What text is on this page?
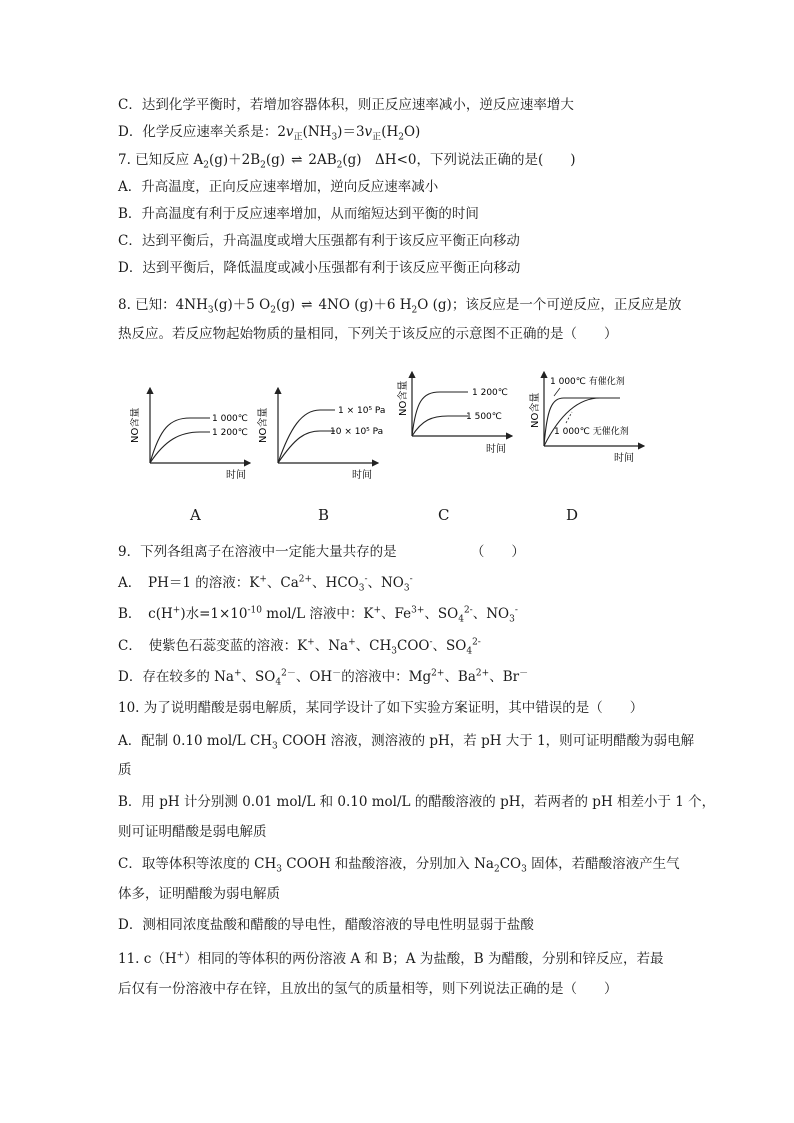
C．达到化学平衡时，若增加容器体积，则正反应速率减小，逆反应速率增大
D．化学反应速率关系是：$2v_正(NH_3)=3v_正(H_2O)$
7. 已知反应 $A_2(g)+2B_2(g)$ ⇌ $2AB_2(g)$　ΔH<0，下列说法正确的是(　　)
A．升高温度，正向反应速率增加，逆向反应速率减小
B．升高温度有利于反应速率增加，从而缩短达到平衡的时间
C．达到平衡后，升高温度或增大压强都有利于该反应平衡正向移动
D．达到平衡后，降低温度或减小压强都有利于该反应平衡正向移动
8. 已知：$4NH_3(g)+5$ $O_2(g)$ ⇌ 4NO (g)＋6 $H_2O$ (g)；该反应是一个可逆反应，正反应是放
热反应。若反应物起始物质的量相同，下列关于该反应的示意图不正确的是（　　）
NO含量
时间
1 000℃
1 200℃ NO含量
时间
1 × 10⁵ Pa
10 × 10⁵ Pa
NO含量
时间
1 200℃
1 500℃	NO含量
时间
1 000℃ 有催化剂
1 000℃ 无催化剂
A	B	C	D
9．下列各组离子在溶液中一定能大量共存的是　　　　　　（　　）
A．　PH＝1 的溶液：K+、$Ca^{2+}$、$HCO_3^-$、$NO_3^-$
B．　c(H+)水$=1\times 10^{-10}$ mol/L 溶液中：K+、$Fe^{3+}$、$SO_4^{2-}$、$NO_3^-$
C．　使紫色石蕊变蓝的溶液：K+、Na+、$CH_3COO^-$、$SO_4^{2-}$
D．存在较多的 Na+、$SO_4^{2-}$、OH－的溶液中：$Mg^{2+}$、$Ba^{2+}$、Br－
10. 为了说明醋酸是弱电解质，某同学设计了如下实验方案证明，其中错误的是（　　）
A．配制 0.10 mol/L $CH_3$ COOH 溶液，测溶液的 pH，若 pH 大于 1，则可证明醋酸为弱电解
质
B．用 pH 计分别测 0.01 mol/L 和 0.10 mol/L 的醋酸溶液的 pH，若两者的 pH 相差小于 1 个，
则可证明醋酸是弱电解质
C．取等体积等浓度的 $CH_3$ COOH 和盐酸溶液，分别加入 $Na_2CO_3$ 固体，若醋酸溶液产生气
体多，证明醋酸为弱电解质
D．测相同浓度盐酸和醋酸的导电性，醋酸溶液的导电性明显弱于盐酸
11. c（H+）相同的等体积的两份溶液 A 和 B；A 为盐酸，B 为醋酸，分别和锌反应，若最
后仅有一份溶液中存在锌，且放出的氢气的质量相等，则下列说法正确的是（　　）
